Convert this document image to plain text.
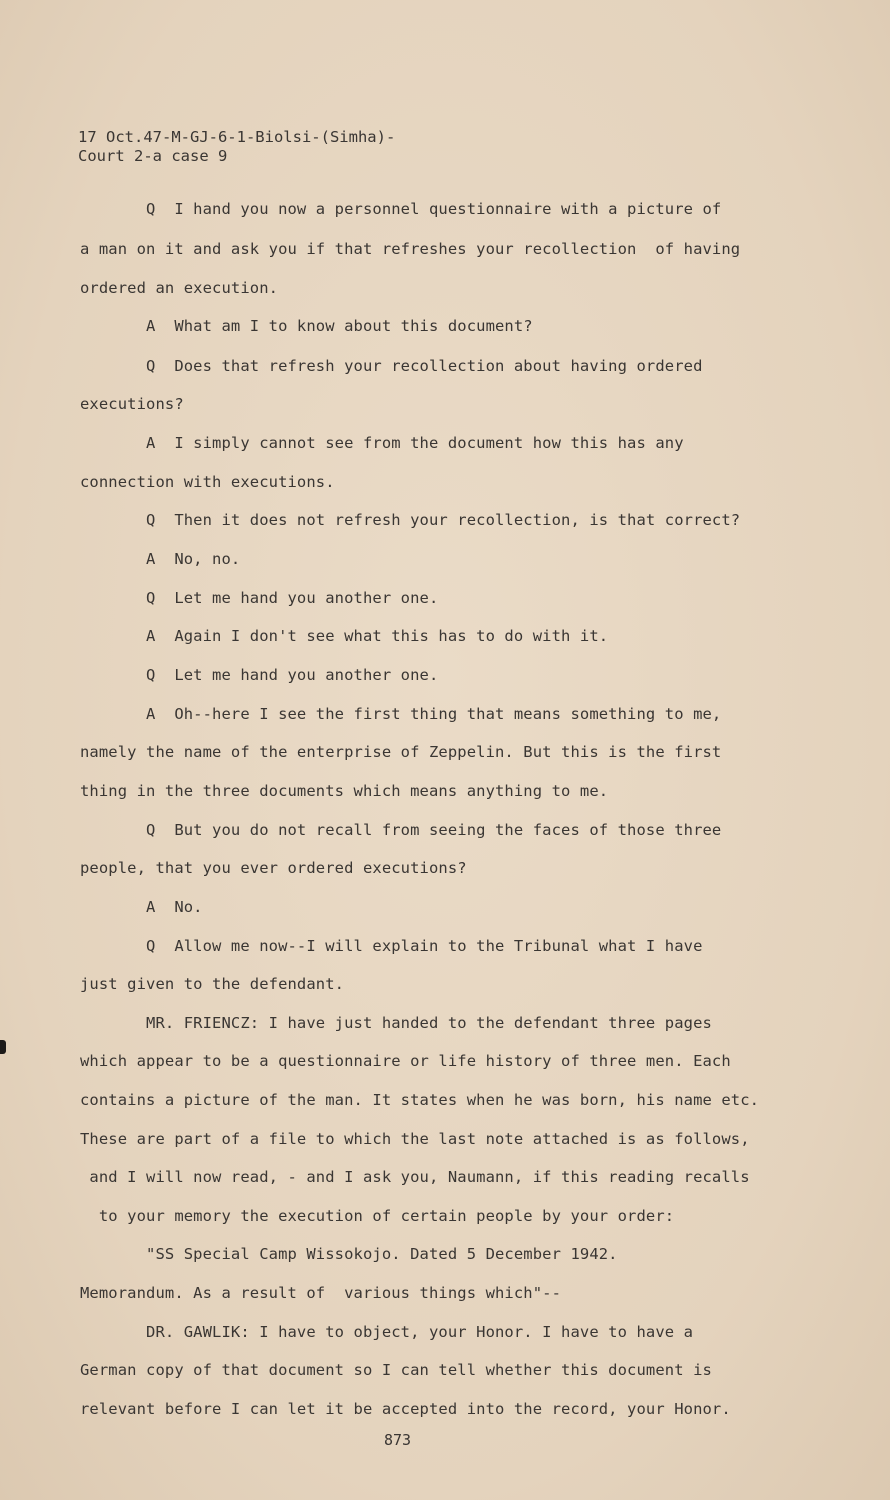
17 Oct.47-M-GJ-6-1-Biolsi-(Simha)-
Court 2-a case 9
Q  I hand you now a personnel questionnaire with a picture of
a man on it and ask you if that refreshes your recollection  of having
ordered an execution.
A  What am I to know about this document?
Q  Does that refresh your recollection about having ordered
executions?
A  I simply cannot see from the document how this has any
connection with executions.
Q  Then it does not refresh your recollection, is that correct?
A  No, no.
Q  Let me hand you another one.
A  Again I don't see what this has to do with it.
Q  Let me hand you another one.
A  Oh--here I see the first thing that means something to me,
namely the name of the enterprise of Zeppelin. But this is the first
thing in the three documents which means anything to me.
Q  But you do not recall from seeing the faces of those three
people, that you ever ordered executions?
A  No.
Q  Allow me now--I will explain to the Tribunal what I have
just given to the defendant.
MR. FRIENCZ: I have just handed to the defendant three pages
which appear to be a questionnaire or life history of three men. Each
contains a picture of the man. It states when he was born, his name etc.
These are part of a file to which the last note attached is as follows,
and I will now read, - and I ask you, Naumann, if this reading recalls
to your memory the execution of certain people by your order:
"SS Special Camp Wissokojo. Dated 5 December 1942.
Memorandum. As a result of  various things which"--
DR. GAWLIK: I have to object, your Honor. I have to have a
German copy of that document so I can tell whether this document is
relevant before I can let it be accepted into the record, your Honor.
873
